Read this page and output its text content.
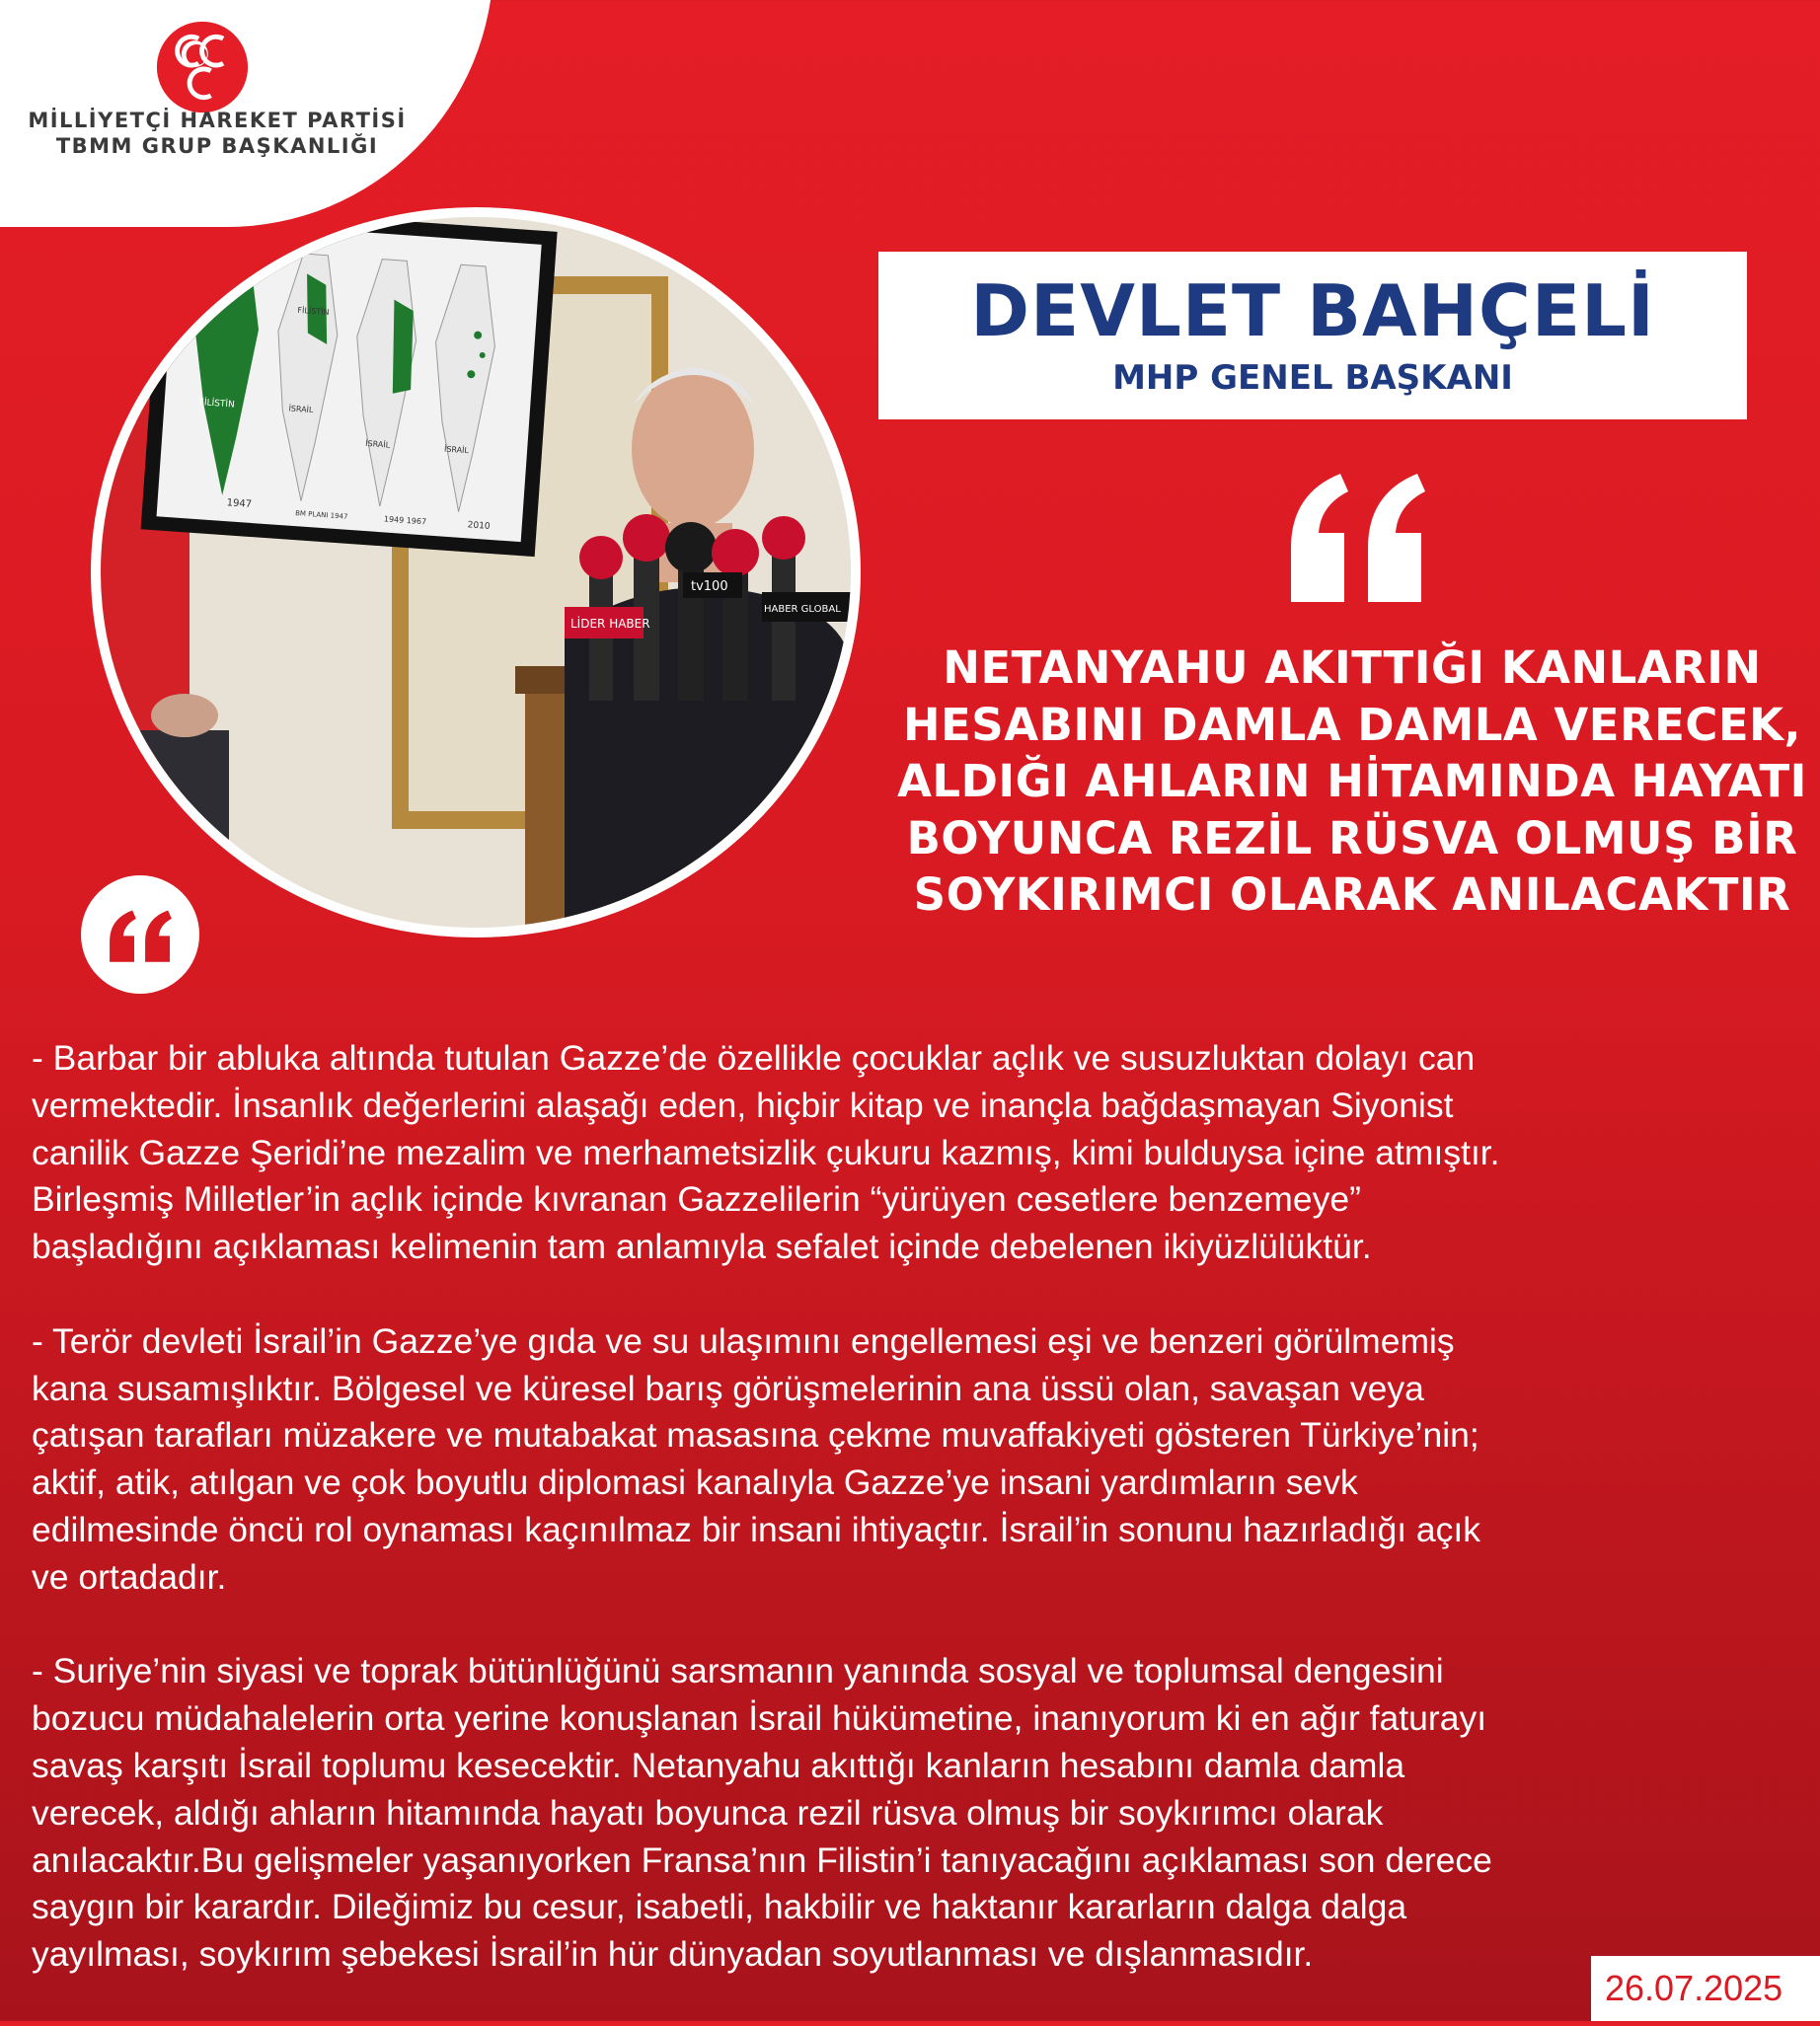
MİLLİYETÇİ HAREKET PARTİSİ
TBMM GRUP BAŞKANLIĞI
FİLİSTİN
FİLİSTİN
İSRAİL
İSRAİL
İSRAİL
1947
BM PLANI 1947	1949 1967	2010
LİDER HABER
tv100
HABER GLOBAL
DEVLET BAHÇELİ
MHP GENEL BAŞKANI
NETANYAHU AKITTIĞI KANLARIN
HESABINI DAMLA DAMLA VERECEK,
ALDIĞI AHLARIN HİTAMINDA HAYATI
BOYUNCA REZİL RÜSVA OLMUŞ BİR
SOYKIRIMCI OLARAK ANILACAKTIR

- Barbar bir abluka altında tutulan Gazze’de özellikle çocuklar açlık ve susuzluktan dolayı can
vermektedir. İnsanlık değerlerini alaşağı eden, hiçbir kitap ve inançla bağdaşmayan Siyonist
canilik Gazze Şeridi’ne mezalim ve merhametsizlik çukuru kazmış, kimi bulduysa içine atmıştır.
Birleşmiş Milletler’in açlık içinde kıvranan Gazzelilerin “yürüyen cesetlere benzemeye”
başladığını açıklaması kelimenin tam anlamıyla sefalet içinde debelenen ikiyüzlülüktür.

- Terör devleti İsrail’in Gazze’ye gıda ve su ulaşımını engellemesi eşi ve benzeri görülmemiş
kana susamışlıktır. Bölgesel ve küresel barış görüşmelerinin ana üssü olan, savaşan veya
çatışan tarafları müzakere ve mutabakat masasına çekme muvaffakiyeti gösteren Türkiye’nin;
aktif, atik, atılgan ve çok boyutlu diplomasi kanalıyla Gazze’ye insani yardımların sevk
edilmesinde öncü rol oynaması kaçınılmaz bir insani ihtiyaçtır. İsrail’in sonunu hazırladığı açık
ve ortadadır.

- Suriye’nin siyasi ve toprak bütünlüğünü sarsmanın yanında sosyal ve toplumsal dengesini
bozucu müdahalelerin orta yerine konuşlanan İsrail hükümetine, inanıyorum ki en ağır faturayı
savaş karşıtı İsrail toplumu kesecektir. Netanyahu akıttığı kanların hesabını damla damla
verecek, aldığı ahların hitamında hayatı boyunca rezil rüsva olmuş bir soykırımcı olarak
anılacaktır.Bu gelişmeler yaşanıyorken Fransa’nın Filistin’i tanıyacağını açıklaması son derece
saygın bir karardır. Dileğimiz bu cesur, isabetli, hakbilir ve haktanır kararların dalga dalga
yayılması, soykırım şebekesi İsrail’in hür dünyadan soyutlanması ve dışlanmasıdır.

26.07.2025
